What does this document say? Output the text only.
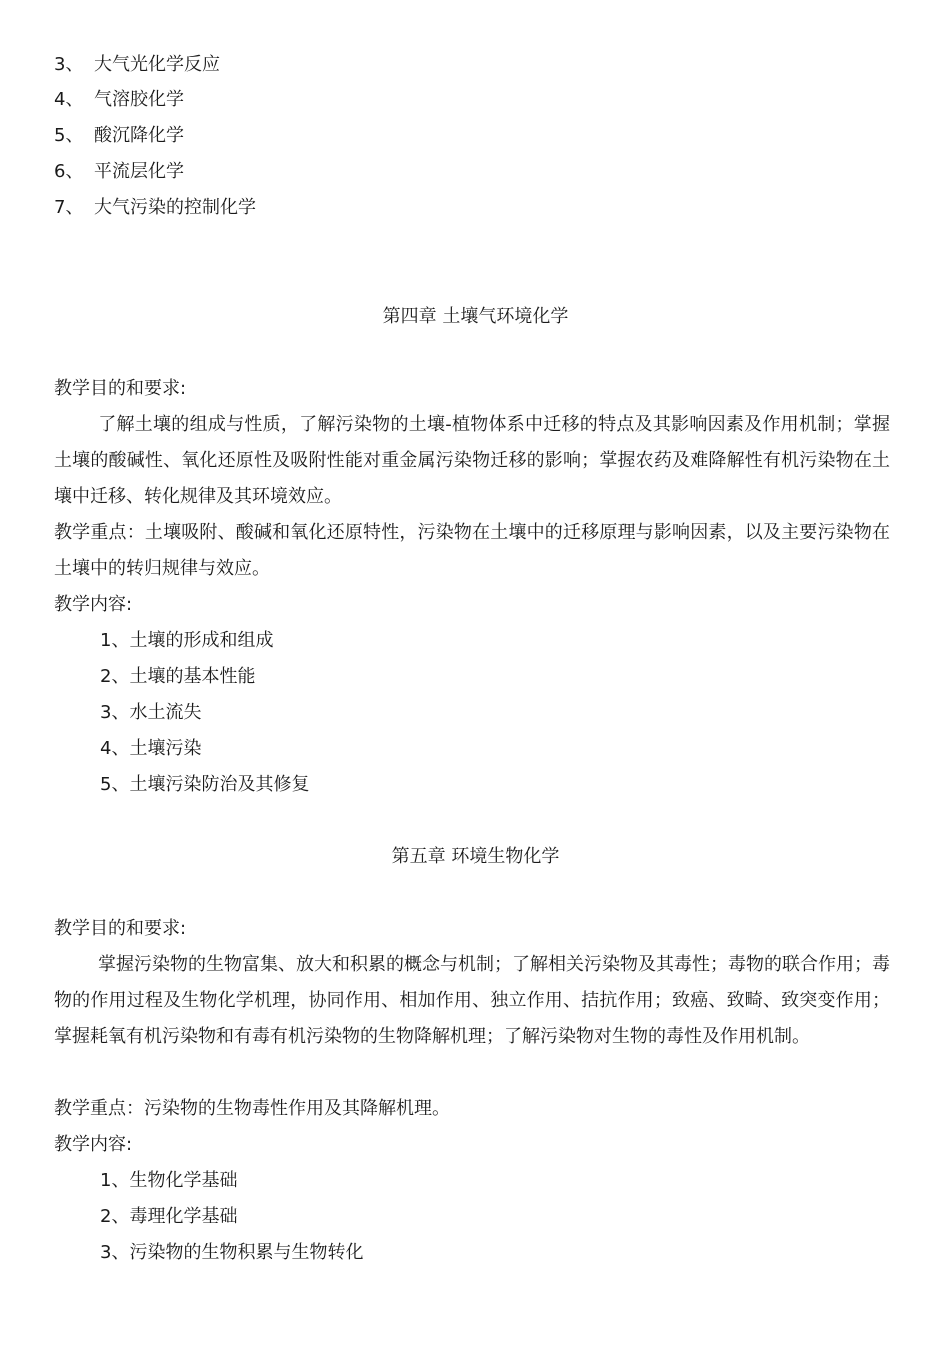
3、 大气光化学反应
4、 气溶胶化学
5、 酸沉降化学
6、 平流层化学
7、 大气污染的控制化学
第四章 土壤气环境化学
教学目的和要求:
了解土壤的组成与性质，了解污染物的土壤-植物体系中迁移的特点及其影响因素及作用机制；掌握土壤的酸碱性、氧化还原性及吸附性能对重金属污染物迁移的影响；掌握农药及难降解性有机污染物在土壤中迁移、转化规律及其环境效应。
教学重点：土壤吸附、酸碱和氧化还原特性，污染物在土壤中的迁移原理与影响因素，以及主要污染物在土壤中的转归规律与效应。
教学内容:
1、土壤的形成和组成
2、土壤的基本性能
3、水土流失
4、土壤污染
5、土壤污染防治及其修复
第五章 环境生物化学
教学目的和要求:
掌握污染物的生物富集、放大和积累的概念与机制；了解相关污染物及其毒性；毒物的联合作用；毒物的作用过程及生物化学机理，协同作用、相加作用、独立作用、拮抗作用；致癌、致畸、致突变作用；掌握耗氧有机污染物和有毒有机污染物的生物降解机理；了解污染物对生物的毒性及作用机制。
教学重点：污染物的生物毒性作用及其降解机理。
教学内容:
1、生物化学基础
2、毒理化学基础
3、污染物的生物积累与生物转化
